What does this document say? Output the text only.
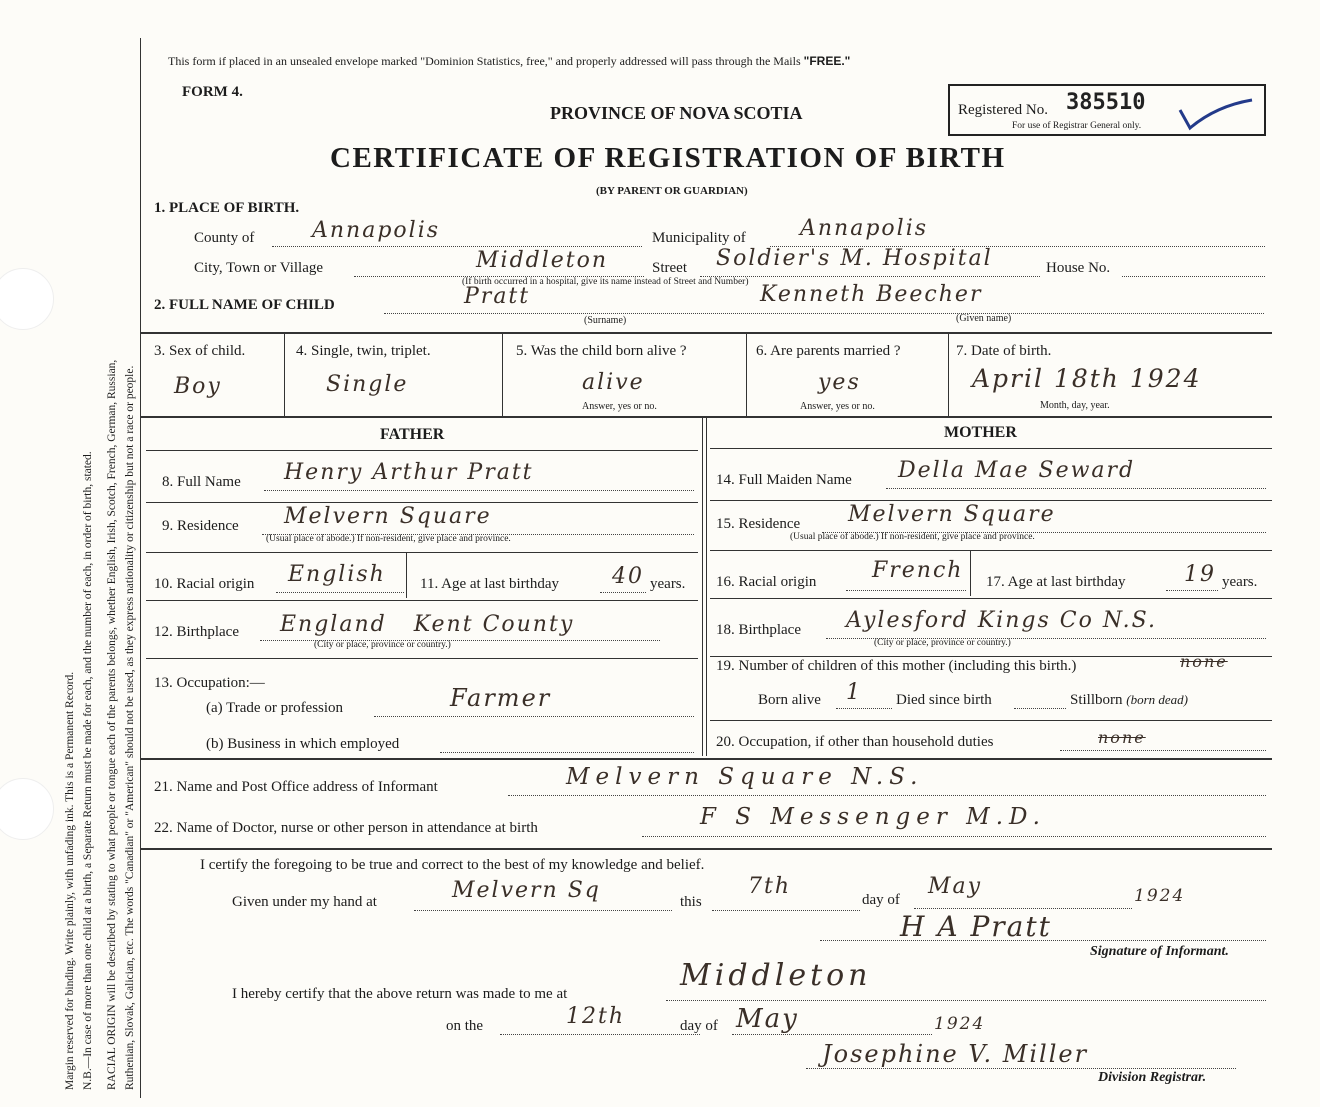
Margin reserved for binding. Write plainly, with unfading ink. This is a Permanent Record. N.B.—In case of more than one child at a birth, a Separate Return must be made for each, and the number of each, in order of birth, stated. RACIAL ORIGIN will be described by stating to what people or tongue each of the parents belongs, whether English, Irish, Scotch, French, German, Russian, Ruthenian, Slovak, Galician, etc. The words "Canadian" or "American" should not be used, as they express nationality or citizenship but not a race or people.
This form if placed in an unsealed envelope marked "Dominion Statistics, free," and properly addressed will pass through the Mails "FREE."
FORM 4.
PROVINCE OF NOVA SCOTIA	Registered No. 385510
For use of Registrar General only.
CERTIFICATE OF REGISTRATION OF BIRTH
(BY PARENT OR GUARDIAN)
1. PLACE OF BIRTH.
County of	Annapolis	Municipality of Annapolis
City, Town or Village	Middleton	Street Soldier's M. Hospital	House No.
(If birth occurred in a hospital, give its name instead of Street and Number)
2. FULL NAME OF CHILD	Pratt
(Surname)
Kenneth Beecher
(Given name)
3. Sex of child.
Boy
4. Single, twin, triplet.
Single
5. Was the child born alive ?
alive
Answer, yes or no.
6. Are parents married ?
yes
Answer, yes or no.
7. Date of birth.
April 18th 1924
Month, day, year.
FATHER	MOTHER
8. Full Name Henry Arthur Pratt
9. Residence Melvern Square
(Usual place of abode.) If non-resident, give place and province.
10. Racial origin English 11. Age at last birthday 40 years.
12. Birthplace England   Kent County
(City or place, province or country.)
13. Occupation:—
(a) Trade or profession	Farmer
(b) Business in which employed
14. Full Maiden Name Della Mae Seward
15. Residence Melvern Square
(Usual place of abode.) If non-resident, give place and province.
16. Racial origin	French 17. Age at last birthday	19 years.
18. Birthplace Aylesford Kings Co N.S.
(City or place, province or country.)
19. Number of children of this mother (including this birth.)	none
Born alive 1 Died since birth	Stillborn (born dead)
20. Occupation, if other than household duties	none
21. Name and Post Office address of Informant	Melvern Square N.S.
22. Name of Doctor, nurse or other person in attendance at birth	F S Messenger M.D.
I certify the foregoing to be true and correct to the best of my knowledge and belief.
Given under my hand at	Melvern Sq	this
7th
day of
May	1924
H A Pratt
Signature of Informant.
I hereby certify that the above return was made to me at
Middleton
on the	12th	day of May	1924
Josephine V. Miller
Division Registrar.
